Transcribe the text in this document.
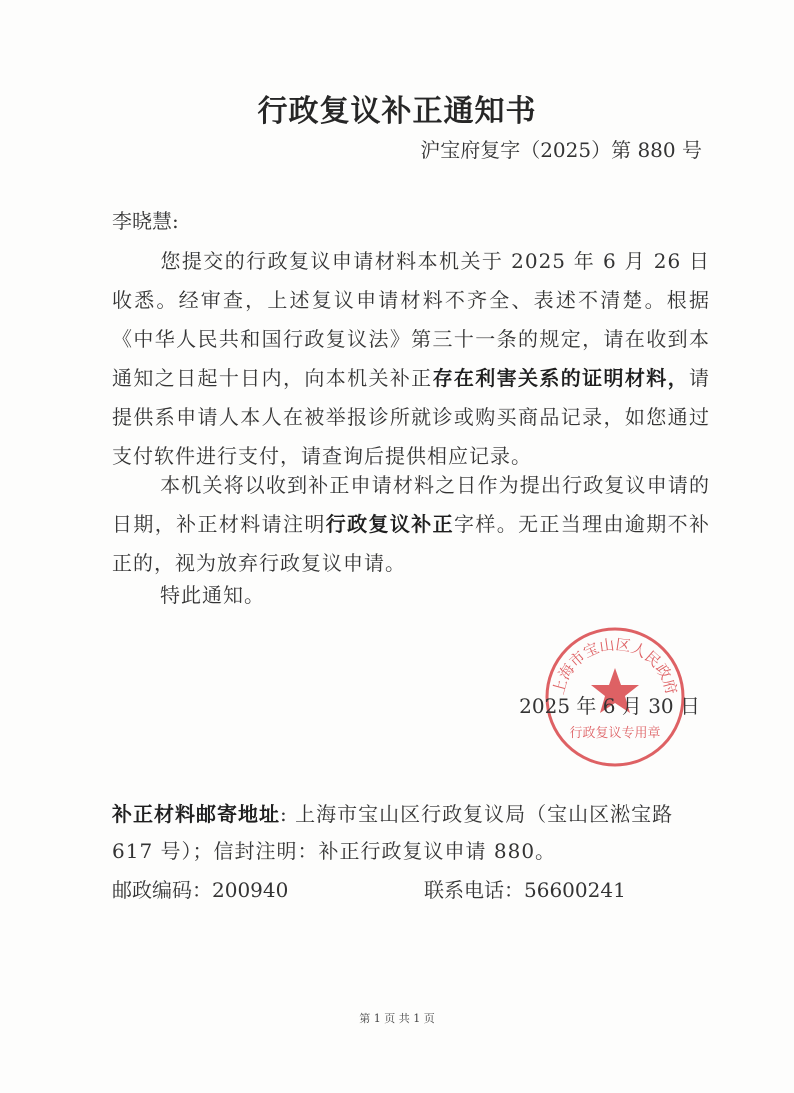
行政复议补正通知书
沪宝府复字（2025）第 880 号
李晓慧:
您提交的行政复议申请材料本机关于 2025 年 6 月 26 日收悉。经审查，上述复议申请材料不齐全、表述不清楚。根据《中华人民共和国行政复议法》第三十一条的规定，请在收到本通知之日起十日内，向本机关补正存在利害关系的证明材料，请提供系申请人本人在被举报诊所就诊或购买商品记录，如您通过支付软件进行支付，请查询后提供相应记录。
本机关将以收到补正申请材料之日作为提出行政复议申请的日期，补正材料请注明行政复议补正字样。无正当理由逾期不补正的，视为放弃行政复议申请。
特此通知。
上海市宝山区人民政府
行政复议专用章
2025 年 6 月 30 日
补正材料邮寄地址: 上海市宝山区行政复议局（宝山区淞宝路 617 号）；信封注明：补正行政复议申请 880。
邮政编码：200940	联系电话：56600241
第 1 页 共 1 页
